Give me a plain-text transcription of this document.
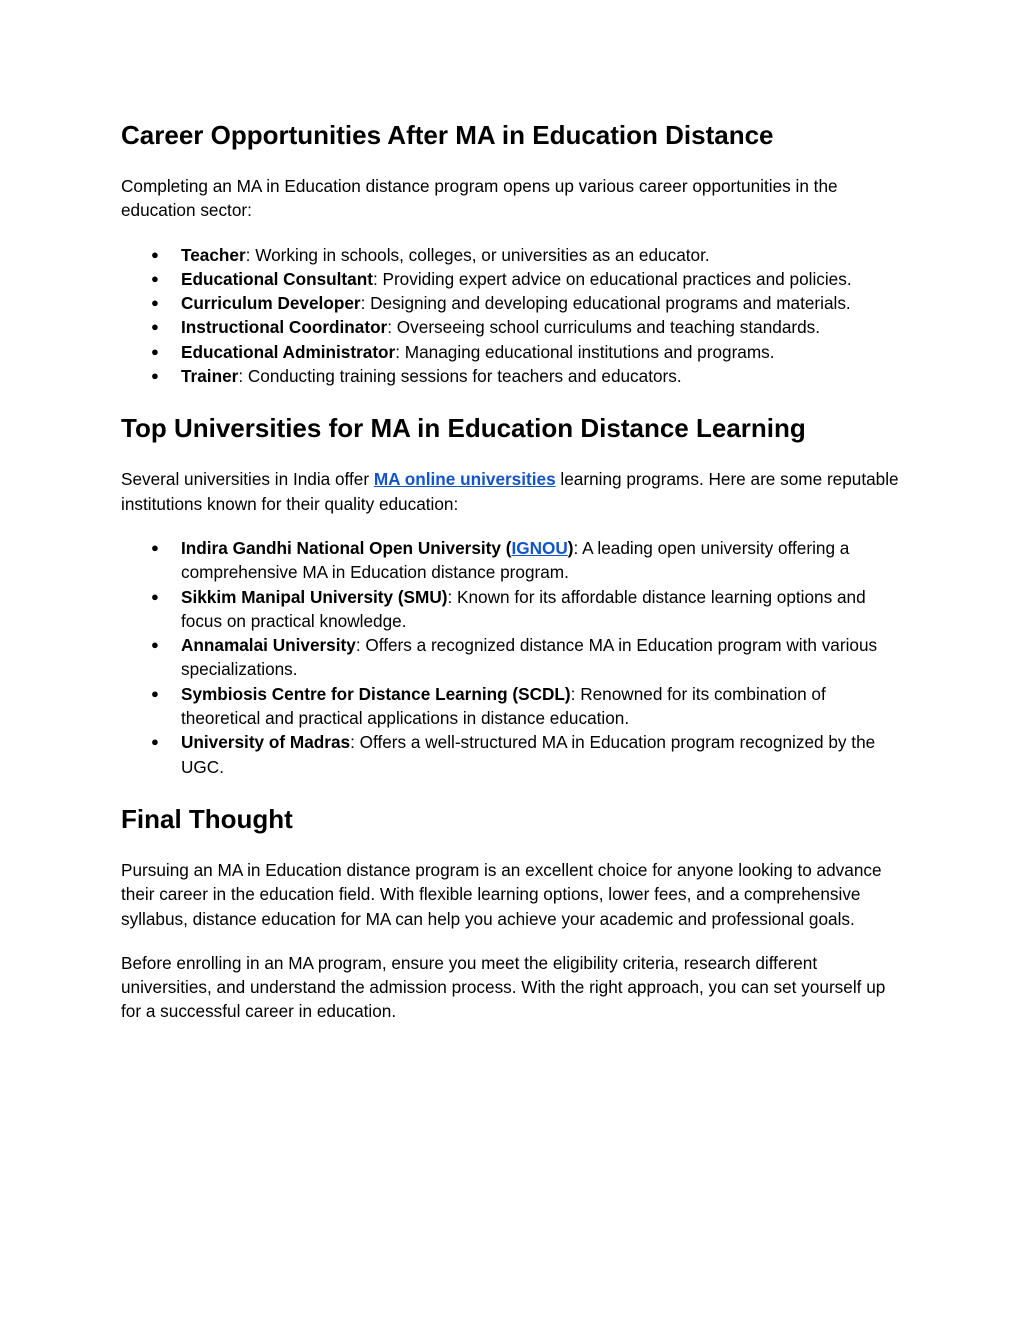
Career Opportunities After MA in Education Distance

Completing an MA in Education distance program opens up various career opportunities in the education sector:

● Teacher: Working in schools, colleges, or universities as an educator.
● Educational Consultant: Providing expert advice on educational practices and policies.
● Curriculum Developer: Designing and developing educational programs and materials.
● Instructional Coordinator: Overseeing school curriculums and teaching standards.
● Educational Administrator: Managing educational institutions and programs.
● Trainer: Conducting training sessions for teachers and educators.
Top Universities for MA in Education Distance Learning

Several universities in India offer MA online universities learning programs. Here are some reputable institutions known for their quality education:

● Indira Gandhi National Open University (IGNOU): A leading open university offering a comprehensive MA in Education distance program.
● Sikkim Manipal University (SMU): Known for its affordable distance learning options and focus on practical knowledge.
● Annamalai University: Offers a recognized distance MA in Education program with various specializations.
● Symbiosis Centre for Distance Learning (SCDL): Renowned for its combination of theoretical and practical applications in distance education.
● University of Madras: Offers a well-structured MA in Education program recognized by the UGC.
Final Thought

Pursuing an MA in Education distance program is an excellent choice for anyone looking to advance their career in the education field. With flexible learning options, lower fees, and a comprehensive syllabus, distance education for MA can help you achieve your academic and professional goals.

Before enrolling in an MA program, ensure you meet the eligibility criteria, research different universities, and understand the admission process. With the right approach, you can set yourself up for a successful career in education.
